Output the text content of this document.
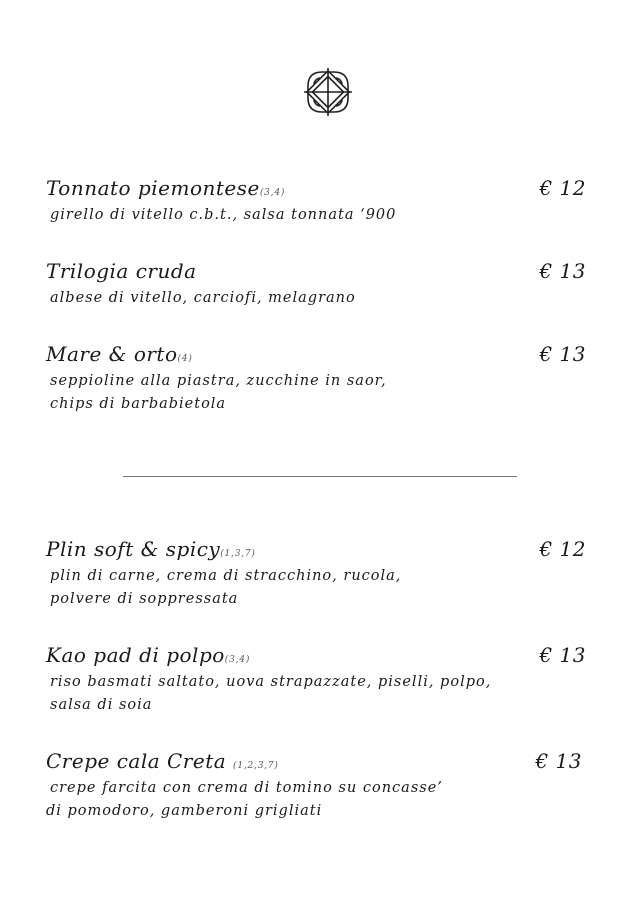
Tonnato piemontese(3,4)	€ 12
girello di vitello c.b.t., salsa tonnata ‘900
Trilogia cruda	€ 13
albese di vitello, carciofi, melagrano
Mare & orto(4)	€ 13
seppioline alla piastra, zucchine in saor,
chips di barbabietola
Plin soft & spicy(1,3,7)	€ 12
plin di carne, crema di stracchino, rucola,
polvere di soppressata
Kao pad di polpo(3,4)	€ 13
riso basmati saltato, uova strapazzate, piselli, polpo,
salsa di soia
Crepe cala Creta (1,2,3,7)	€ 13
crepe farcita con crema di tomino su concasse’
di pomodoro, gamberoni grigliati
